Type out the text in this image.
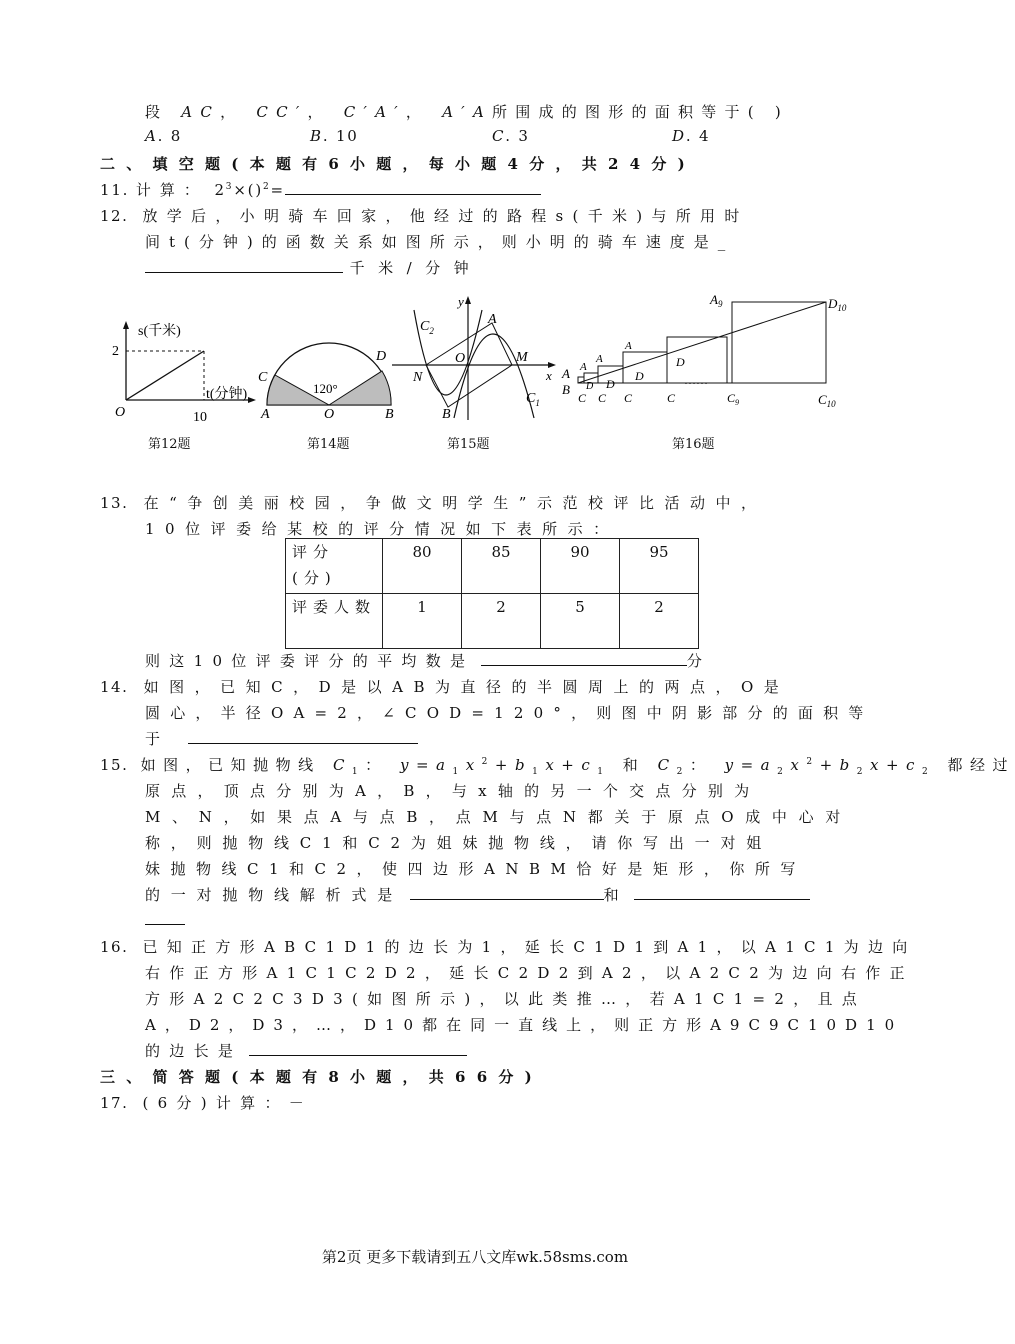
段 AC， CC′， C′A′， A′A所围成的图形的面积等于( )
A. 8	B. 10	C. 3	D. 4
二、填空题(本题有6小题，每小题4分，共24分)
11. 计算： $2^3\times()^2=$
12. 放学后，小明骑车回家，他经过的路程s(千米)与所用时
间t(分钟)的函数关系如图所示，则小明的骑车速度是_
千米/分钟
s(千米)
2
t(分钟)
O	10
第12题
120°
C
D
A	O	B
第14题
y
x
A
B
M
N
O
$C_2$
$C_1$
第15题
A
B
C C C	C
A
A
A
D D
D
D
……
$A_9$	$D_{10}$
$C_9$	$C_{10}$
第16题
13. 在“争创美丽校园，争做文明学生”示范校评比活动中，
10位评委给某校的评分情况如下表所示：
评分(分)	80	85	90	95
评委人数	1	2	5	2
则这10位评委评分的平均数是	分
14. 如图，已知C，D是以AB为直径的半圆周上的两点，O是
圆心，半径OA=2，∠COD=120°，则图中阴影部分的面积等
于
15. 如图，已知抛物线 $C_1$： $y=a_1x^2+b_1x+c_1$ 和 $C_2$： $y=a_2x^2+b_2x+c_2$ 都经过
原点，顶点分别为A，B，与x轴的另一个交点分别为
M、N，如果点A与点B，点M与点N都关于原点O成中心对
称，则抛物线C1和C2为姐妹抛物线，请你写出一对姐
妹抛物线C1和C2，使四边形ANBM恰好是矩形，你所写
的一对抛物线解析式是	和
16. 已知正方形ABC1D1的边长为1，延长C1D1到A1，以A1C1为边向
右作正方形A1C1C2D2，延长C2D2到A2，以A2C2为边向右作正
方形A2C2C3D3(如图所示)，以此类推…，若A1C1=2，且点
A，D2，D3，…，D10都在同一直线上，则正方形A9C9C10D10
的边长是
三、简答题(本题有8小题，共66分)
17. (6分)计算：－
第2页 更多下载请到五八文库wk.58sms.com
